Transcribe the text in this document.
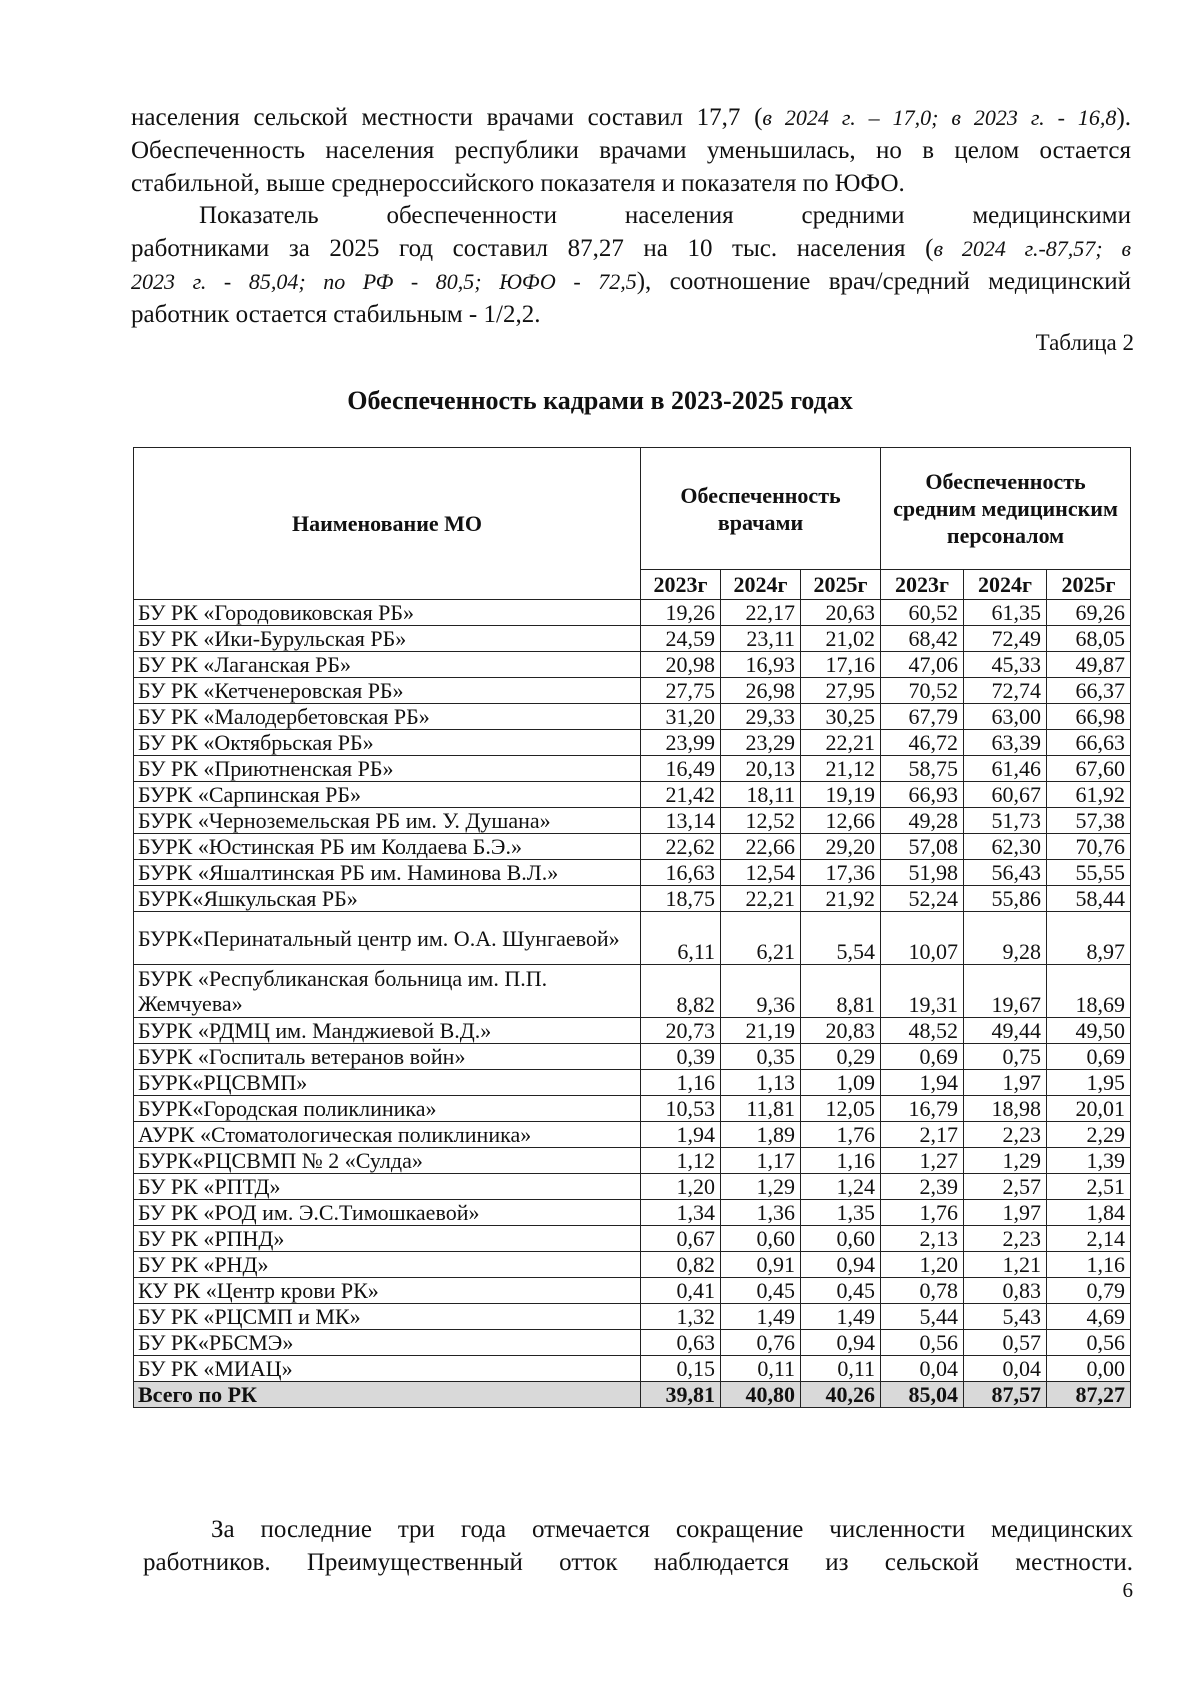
населения сельской местности врачами составил 17,7 (в 2024 г. – 17,0; в 2023 г. - 16,8).
Обеспеченность населения республики врачами уменьшилась, но в целом остается
стабильной, выше среднероссийского показателя и показателя по ЮФО.
Показатель обеспеченности населения средними медицинскими
работниками за 2025 год составил 87,27 на 10 тыс. населения (в 2024 г.-87,57; в
2023 г. - 85,04; по РФ - 80,5; ЮФО - 72,5), соотношение врач/средний медицинский
работник остается стабильным - 1/2,2.
Таблица 2
Обеспеченность кадрами в 2023-2025 годах
Наименование МО	Обеспеченность врачами			Обеспеченность средним медицинским персоналом		
	2023г	2024г	2025г	2023г	2024г	2025г
БУ РК «Городовиковская РБ»	19,26	22,17	20,63	60,52	61,35	69,26
БУ РК «Ики-Бурульская РБ»	24,59	23,11	21,02	68,42	72,49	68,05
БУ РК «Лаганская РБ»	20,98	16,93	17,16	47,06	45,33	49,87
БУ РК «Кетченеровская РБ»	27,75	26,98	27,95	70,52	72,74	66,37
БУ РК «Малодербетовская РБ»	31,20	29,33	30,25	67,79	63,00	66,98
БУ РК «Октябрьская РБ»	23,99	23,29	22,21	46,72	63,39	66,63
БУ РК «Приютненская РБ»	16,49	20,13	21,12	58,75	61,46	67,60
БУРК «Сарпинская РБ»	21,42	18,11	19,19	66,93	60,67	61,92
БУРК «Черноземельская РБ им. У. Душана»	13,14	12,52	12,66	49,28	51,73	57,38
БУРК «Юстинская РБ им Колдаева Б.Э.»	22,62	22,66	29,20	57,08	62,30	70,76
БУРК «Яшалтинская РБ им. Наминова В.Л.»	16,63	12,54	17,36	51,98	56,43	55,55
БУРК«Яшкульская РБ»	18,75	22,21	21,92	52,24	55,86	58,44
БУРК«Перинатальный центр им. О.А. Шунгаевой»	6,11	6,21	5,54	10,07	9,28	8,97
БУРК «Республиканская больница им. П.П. Жемчуева»	8,82	9,36	8,81	19,31	19,67	18,69
БУРК «РДМЦ им. Манджиевой В.Д.»	20,73	21,19	20,83	48,52	49,44	49,50
БУРК «Госпиталь ветеранов войн»	0,39	0,35	0,29	0,69	0,75	0,69
БУРК«РЦСВМП»	1,16	1,13	1,09	1,94	1,97	1,95
БУРК«Городская поликлиника»	10,53	11,81	12,05	16,79	18,98	20,01
АУРК «Стоматологическая поликлиника»	1,94	1,89	1,76	2,17	2,23	2,29
БУРК«РЦСВМП № 2 «Сулда»	1,12	1,17	1,16	1,27	1,29	1,39
БУ РК «РПТД»	1,20	1,29	1,24	2,39	2,57	2,51
БУ РК «РОД им. Э.С.Тимошкаевой»	1,34	1,36	1,35	1,76	1,97	1,84
БУ РК «РПНД»	0,67	0,60	0,60	2,13	2,23	2,14
БУ РК «РНД»	0,82	0,91	0,94	1,20	1,21	1,16
КУ РК «Центр крови РК»	0,41	0,45	0,45	0,78	0,83	0,79
БУ РК «РЦСМП и МК»	1,32	1,49	1,49	5,44	5,43	4,69
БУ РК«РБСМЭ»	0,63	0,76	0,94	0,56	0,57	0,56
БУ РК «МИАЦ»	0,15	0,11	0,11	0,04	0,04	0,00
Всего по РК	39,81	40,80	40,26	85,04	87,57	87,27
За последние три года отмечается сокращение численности медицинских
работников. Преимущественный отток наблюдается из сельской местности.
6
